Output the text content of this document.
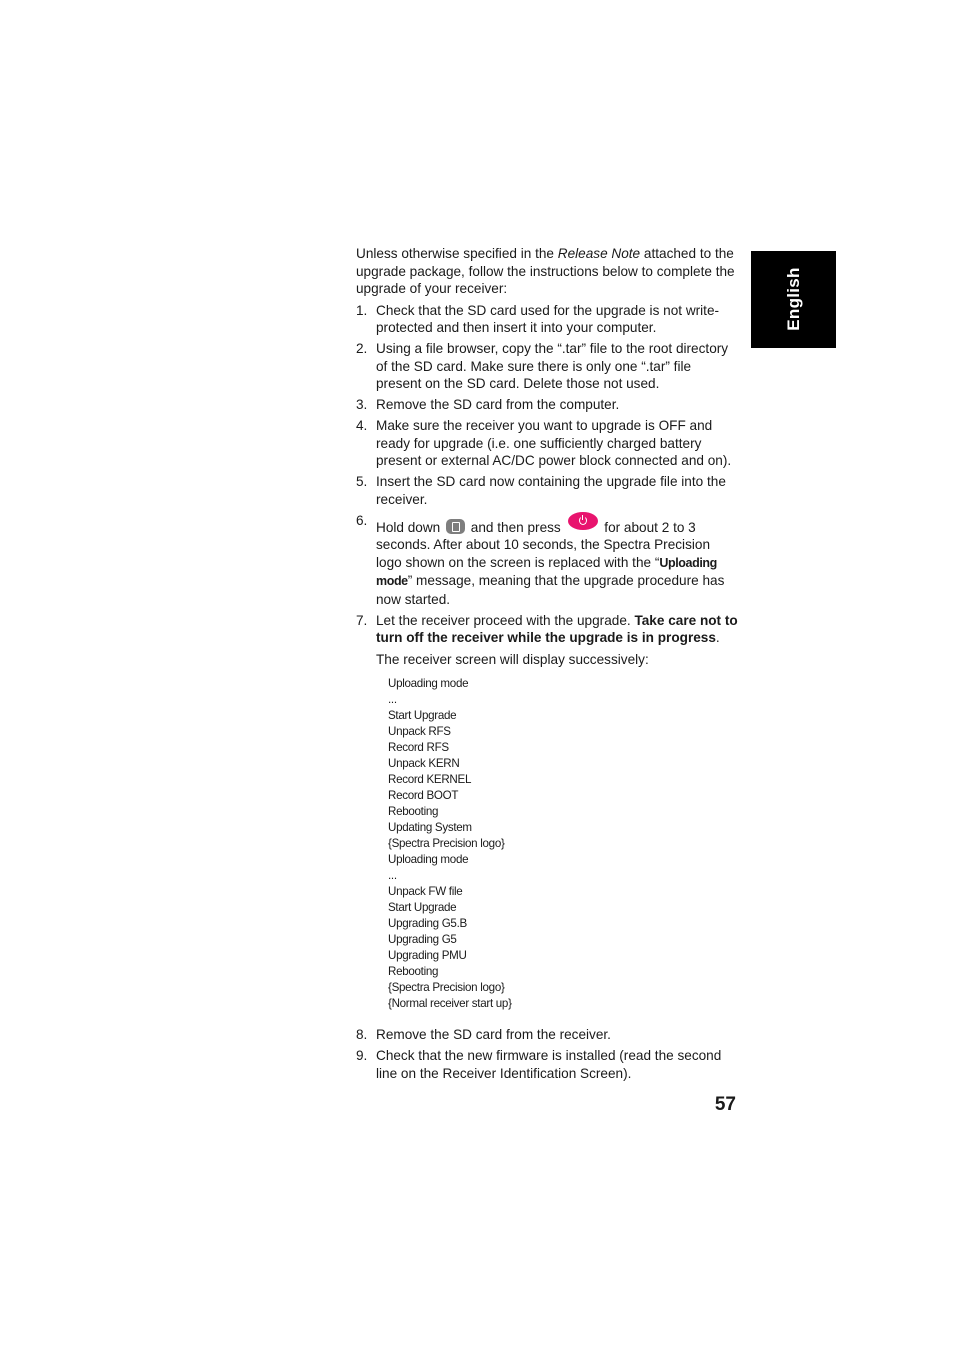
English

Unless otherwise specified in the Release Note attached to the upgrade package, follow the instructions below to complete the upgrade of your receiver:

1. Check that the SD card used for the upgrade is not write-protected and then insert it into your computer.
2. Using a file browser, copy the “.tar” file to the root directory of the SD card. Make sure there is only one “.tar” file present on the SD card. Delete those not used.
3. Remove the SD card from the computer.
4. Make sure the receiver you want to upgrade is OFF and ready for upgrade (i.e. one sufficiently charged battery present or external AC/DC power block connected and on).
5. Insert the SD card now containing the upgrade file into the receiver.
6. Hold down  and then press	for about 2 to 3 seconds. After about 10 seconds, the Spectra Precision logo shown on the screen is replaced with the “Uploading mode” message, meaning that the upgrade procedure has now started.
7. Let the receiver proceed with the upgrade. Take care not to turn off the receiver while the upgrade is in progress.
The receiver screen will display successively:
Uploading mode
...
Start Upgrade
Unpack RFS
Record RFS
Unpack KERN
Record KERNEL
Record BOOT
Rebooting
Updating System
{Spectra Precision logo}
Uploading mode
...
Unpack FW file
Start Upgrade
Upgrading G5.B
Upgrading G5
Upgrading PMU
Rebooting
{Spectra Precision logo}
{Normal receiver start up}
8. Remove the SD card from the receiver.
9. Check that the new firmware is installed (read the second line on the Receiver Identification Screen).
57
